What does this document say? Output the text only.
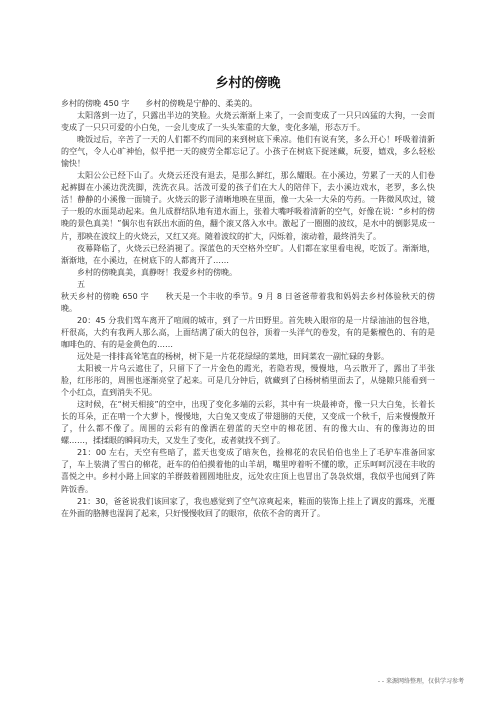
乡村的傍晚

乡村的傍晚 450 字　　乡村的傍晚是宁静的、柔美的。

太阳落到一边了，只露出半边的笑脸。火烧云渐渐上来了，一会而变成了一只只凶猛的大狗，一会而变成了一只只可爱的小白兔，一会儿变成了一头头笨重的大象，变化多端，形态万千。

晚饭过后，辛苦了一天的人们都不约而同的来到树底下乘凉。他们有说有笑，多么开心！呼吸着清新的空气，令人心旷神怡，似乎把一天的疲劳全都忘记了。小孩子在树底下捉迷藏，玩耍，嬉戏，多么轻松愉快！

太阳公公已经下山了。火烧云还没有退去，是那么鲜红，那么耀眼。在小溪边，劳累了一天的人们卷起裤脚在小溪边洗洗脚，洗洗衣具。活泼可爱的孩子们在大人的陪伴下，去小溪边戏水，老罗，多么快活！静静的小溪像一面镜子。火烧云的影子清晰地映在里面，像一大朵一大朵的芍药。一阵微风吹过，镜子一般的水面晃动起来。鱼儿成群结队地有道水面上，张着大嘴呼吸着清新的空气，好像在说：“乡村的傍晚的景色真美！”偶尔也有跃出水面的鱼，翻个滚又落入水中。激起了一圈圈的波纹，是水中的倒影晃成一片，那映在波纹上的火烧云，又红又亮。随着波纹的扩大，闪烁着，滚动着，最终消失了。

夜幕降临了，火烧云已经消褪了。深蓝色的天空格外空旷。人们都在家里看电视，吃饭了。渐渐地，渐渐地，在小溪边，在树底下的人都离开了……

乡村的傍晚真美，真静呀！我爱乡村的傍晚。

五

秋天乡村的傍晚 650 字　　秋天是一个丰收的季节。9 月 8 日爸爸带着我和妈妈去乡村体验秋天的傍晚。

20：45 分我们驾车离开了喧闹的城市，到了一片田野里。首先映入眼帘的是一片绿油油的包谷地，杆很高，大约有我两人那么高，上面结满了硕大的包谷，顶着一头洋气的卷发，有的是紫檀色的、有的是咖啡色的、有的是金黄色的……

远处是一排排高耸笔直的杨树，树下是一片花花绿绿的菜地，田间菜农一副忙碌的身影。

太阳被一片乌云遮住了，只留下了一片金色的霞光，若隐若现，慢慢地，乌云散开了，露出了半张脸，红彤彤的，周围也逐渐亮堂了起来。可是几分钟后，就藏到了白杨树梢里面去了，从缝隙只能看到一个小红点，直到消失不见。

这时候，在“树天相接”的空中，出现了变化多端的云彩，其中有一块最神奇，像一只大白兔，长着长长的耳朵，正在啃一个大萝卜，慢慢地，大白兔又变成了带翅膀的天使，又变成一个秋千，后来慢慢散开了，什么都不像了。周围的云彩有的像洒在碧蓝的天空中的棉花团、有的像大山、有的像海边的田螺……，揉揉眼的瞬间功夫，又发生了变化，或者就找不到了。

21：00 左右，天空有些暗了，蓝天也变成了暗灰色，捡棉花的农民伯伯也坐上了毛驴车准备回家了，车上装满了雪白的棉花，赶车的伯伯摸着他的山羊胡，嘴里哼着听不懂的歌，正乐呵呵沉浸在丰收的喜悦之中。乡村小路上回家的羊群鼓着圆圆地肚皮，远处农庄顶上也冒出了袅袅炊烟，我似乎也闻到了阵阵饭香。

21：30，爸爸说我们该回家了，我也感觉到了空气凉爽起来，鞋面的装饰上挂上了调皮的露珠，光覆在外面的胳膊也湿润了起来，只好慢慢收回了的眼帘，依依不舍的离开了。

- - 来源网络整理，仅供学习参考
